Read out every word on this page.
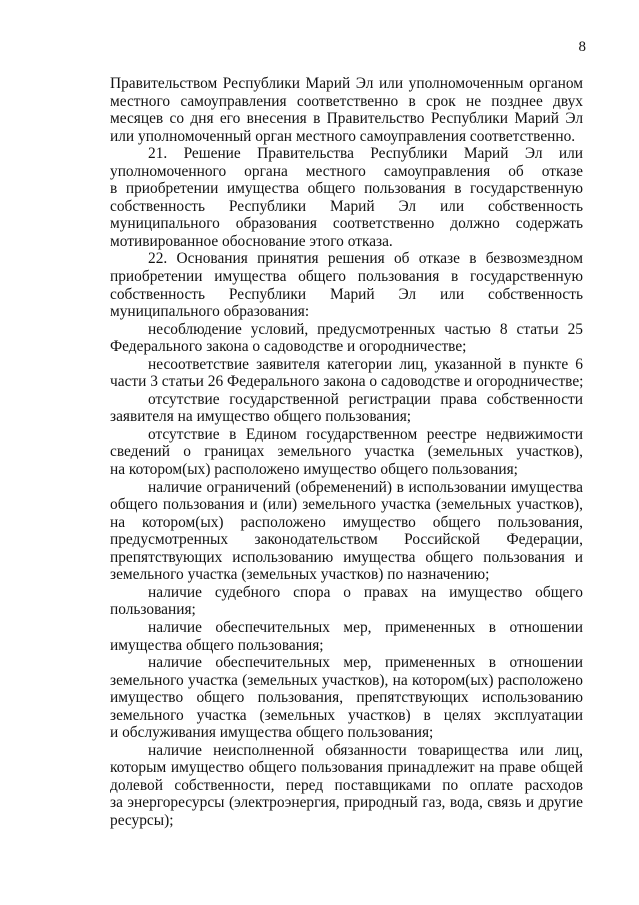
8
Правительством Республики Марий Эл или уполномоченным органом
местного самоуправления соответственно в срок не позднее двух
месяцев со дня его внесения в Правительство Республики Марий Эл
или уполномоченный орган местного самоуправления соответственно.
21. Решение Правительства Республики Марий Эл или
уполномоченного органа местного самоуправления об отказе
в приобретении имущества общего пользования в государственную
собственность Республики Марий Эл или собственность
муниципального образования соответственно должно содержать
мотивированное обоснование этого отказа.
22. Основания принятия решения об отказе в безвозмездном
приобретении имущества общего пользования в государственную
собственность Республики Марий Эл или собственность
муниципального образования:
несоблюдение условий, предусмотренных частью 8 статьи 25
Федерального закона о садоводстве и огородничестве;
несоответствие заявителя категории лиц, указанной в пункте 6
части 3 статьи 26 Федерального закона о садоводстве и огородничестве;
отсутствие государственной регистрации права собственности
заявителя на имущество общего пользования;
отсутствие в Едином государственном реестре недвижимости
сведений о границах земельного участка (земельных участков),
на котором(ых) расположено имущество общего пользования;
наличие ограничений (обременений) в использовании имущества
общего пользования и (или) земельного участка (земельных участков),
на котором(ых) расположено имущество общего пользования,
предусмотренных законодательством Российской Федерации,
препятствующих использованию имущества общего пользования и
земельного участка (земельных участков) по назначению;
наличие судебного спора о правах на имущество общего
пользования;
наличие обеспечительных мер, примененных в отношении
имущества общего пользования;
наличие обеспечительных мер, примененных в отношении
земельного участка (земельных участков), на котором(ых) расположено
имущество общего пользования, препятствующих использованию
земельного участка (земельных участков) в целях эксплуатации
и обслуживания имущества общего пользования;
наличие неисполненной обязанности товарищества или лиц,
которым имущество общего пользования принадлежит на праве общей
долевой собственности, перед поставщиками по оплате расходов
за энергоресурсы (электроэнергия, природный газ, вода, связь и другие
ресурсы);
